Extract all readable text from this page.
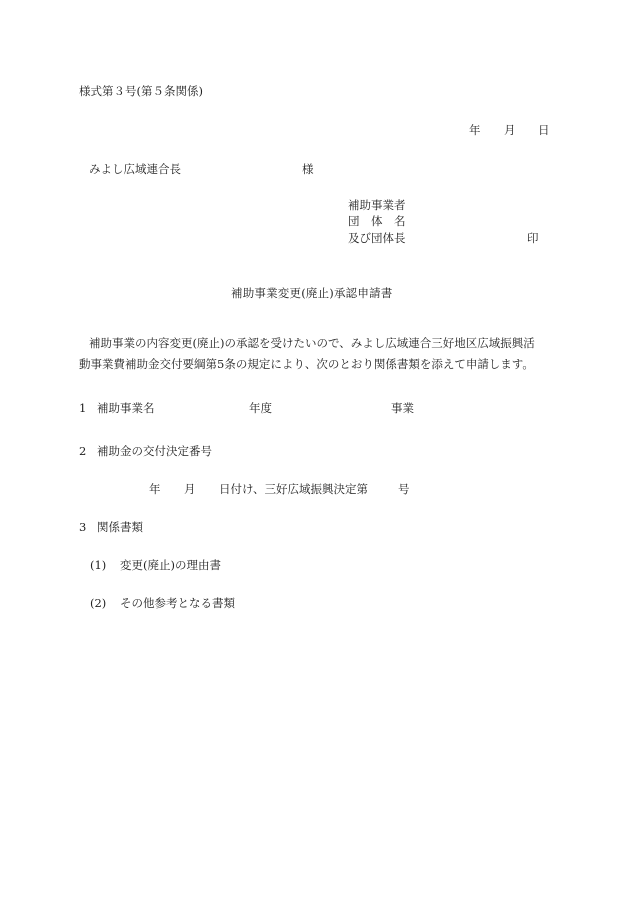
様式第３号(第５条関係)
年 月 日
みよし広域連合長	様
補助事業者
団　体　名
及び団体長	印
補助事業変更(廃止)承認申請書
補助事業の内容変更(廃止)の承認を受けたいので、みよし広域連合三好地区広域振興活
動事業費補助金交付要綱第5条の規定により、次のとおり関係書類を添えて申請します。
1 補助事業名	年度	事業
2 補助金の交付決定番号
年 月 日付け、三好広域振興決定第	号
3 関係書類
(1) 変更(廃止)の理由書
(2) その他参考となる書類
